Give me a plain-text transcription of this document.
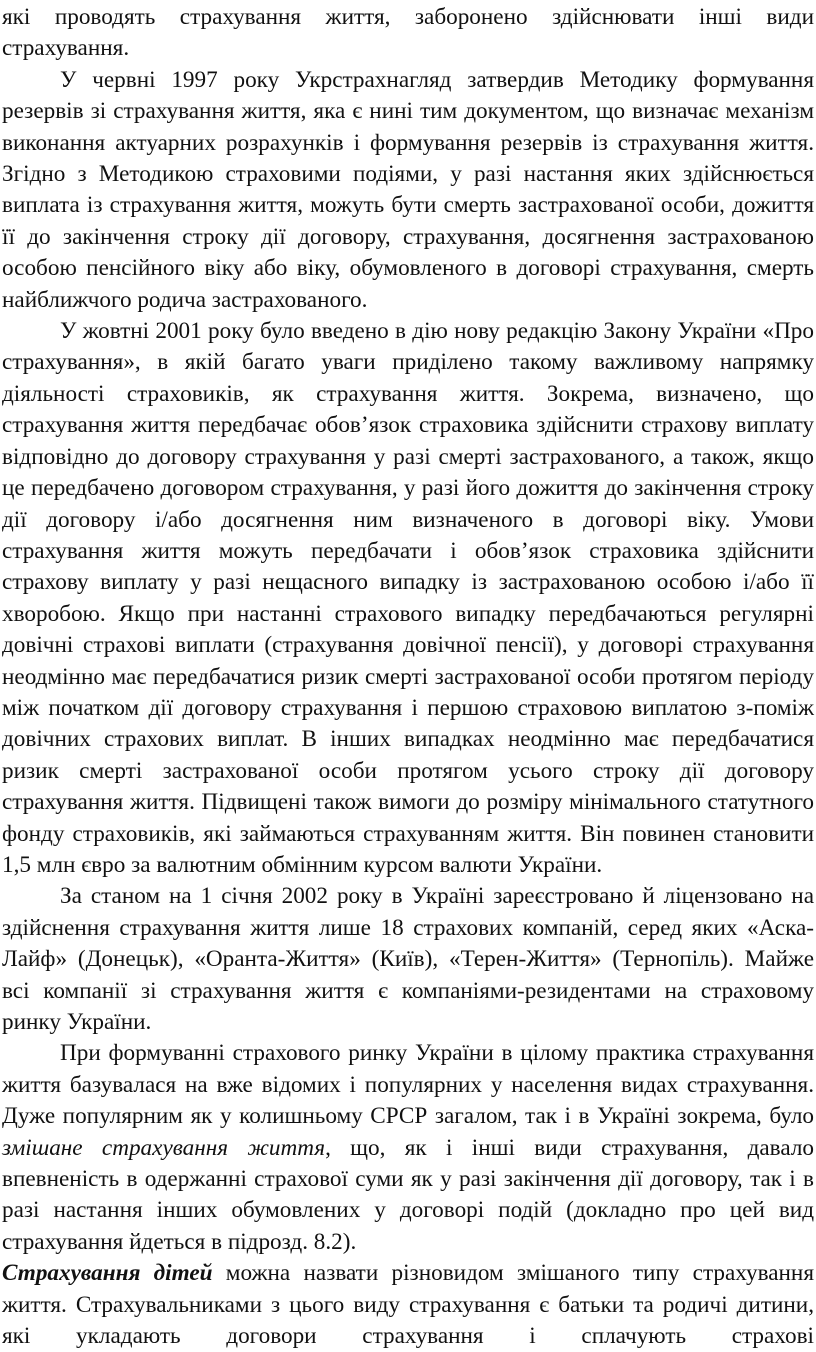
які проводять страхування життя, заборонено здійснювати інші види страхування.

У червні 1997 року Укрстрахнагляд затвердив Методику формування резервів зі страхування життя, яка є нині тим документом, що визначає механізм виконання актуарних розрахунків і формування резервів із страхування життя. Згідно з Методикою страховими подіями, у разі настання яких здійснюється виплата із страхування життя, можуть бути смерть застрахованої особи, дожиття її до закінчення строку дії договору, страхування, досягнення застрахованою особою пенсійного віку або віку, обумовленого в договорі страхування, смерть найближчого родича застрахованого.

У жовтні 2001 року було введено в дію нову редакцію Закону України «Про страхування», в якій багато уваги приділено такому важливому напрямку діяльності страховиків, як страхування життя. Зокрема, визначено, що страхування життя передбачає обов’язок страховика здійснити страхову виплату відповідно до договору страхування у разі смерті застрахованого, а також, якщо це передбачено договором страхування, у разі його дожиття до закінчення строку дії договору і/або досягнення ним визначеного в договорі віку. Умови страхування життя можуть передбачати і обов’язок страховика здійснити страхову виплату у разі нещасного випадку із застрахованою особою і/або її хворобою. Якщо при настанні страхового випадку передбачаються регулярні довічні страхові виплати (страхування довічної пенсії), у договорі страхування неодмінно має передбачатися ризик смерті застрахованої особи протягом періоду між початком дії договору страхування і першою страховою виплатою з-поміж довічних страхових виплат. В інших випадках неодмінно має передбачатися ризик смерті застрахованої особи протягом усього строку дії договору страхування життя. Підвищені також вимоги до розміру мінімального статутного фонду страховиків, які займаються страхуванням життя. Він повинен становити 1,5 млн євро за валютним обмінним курсом валюти України.

За станом на 1 січня 2002 року в Україні зареєстровано й ліцензовано на здійснення страхування життя лише 18 страхових компаній, серед яких «Аска-Лайф» (Донецьк), «Оранта-Життя» (Київ), «Терен-Життя» (Тернопіль). Майже всі компанії зі страхування життя є компаніями-резидентами на страховому ринку України.

При формуванні страхового ринку України в цілому практика страхування життя базувалася на вже відомих і популярних у населення видах страхування. Дуже популярним як у колишньому СРСР загалом, так і в Україні зокрема, було змішане страхування життя, що, як і інші види страхування, давало впевненість в одержанні страхової суми як у разі закінчення дії договору, так і в разі настання інших обумовлених у договорі подій (докладно про цей вид страхування йдеться в підрозд. 8.2).

Страхування дітей можна назвати різновидом змішаного типу страхування життя. Страхувальниками з цього виду страхування є батьки та родичі дитини, які укладають договори страхування і сплачують страхові
